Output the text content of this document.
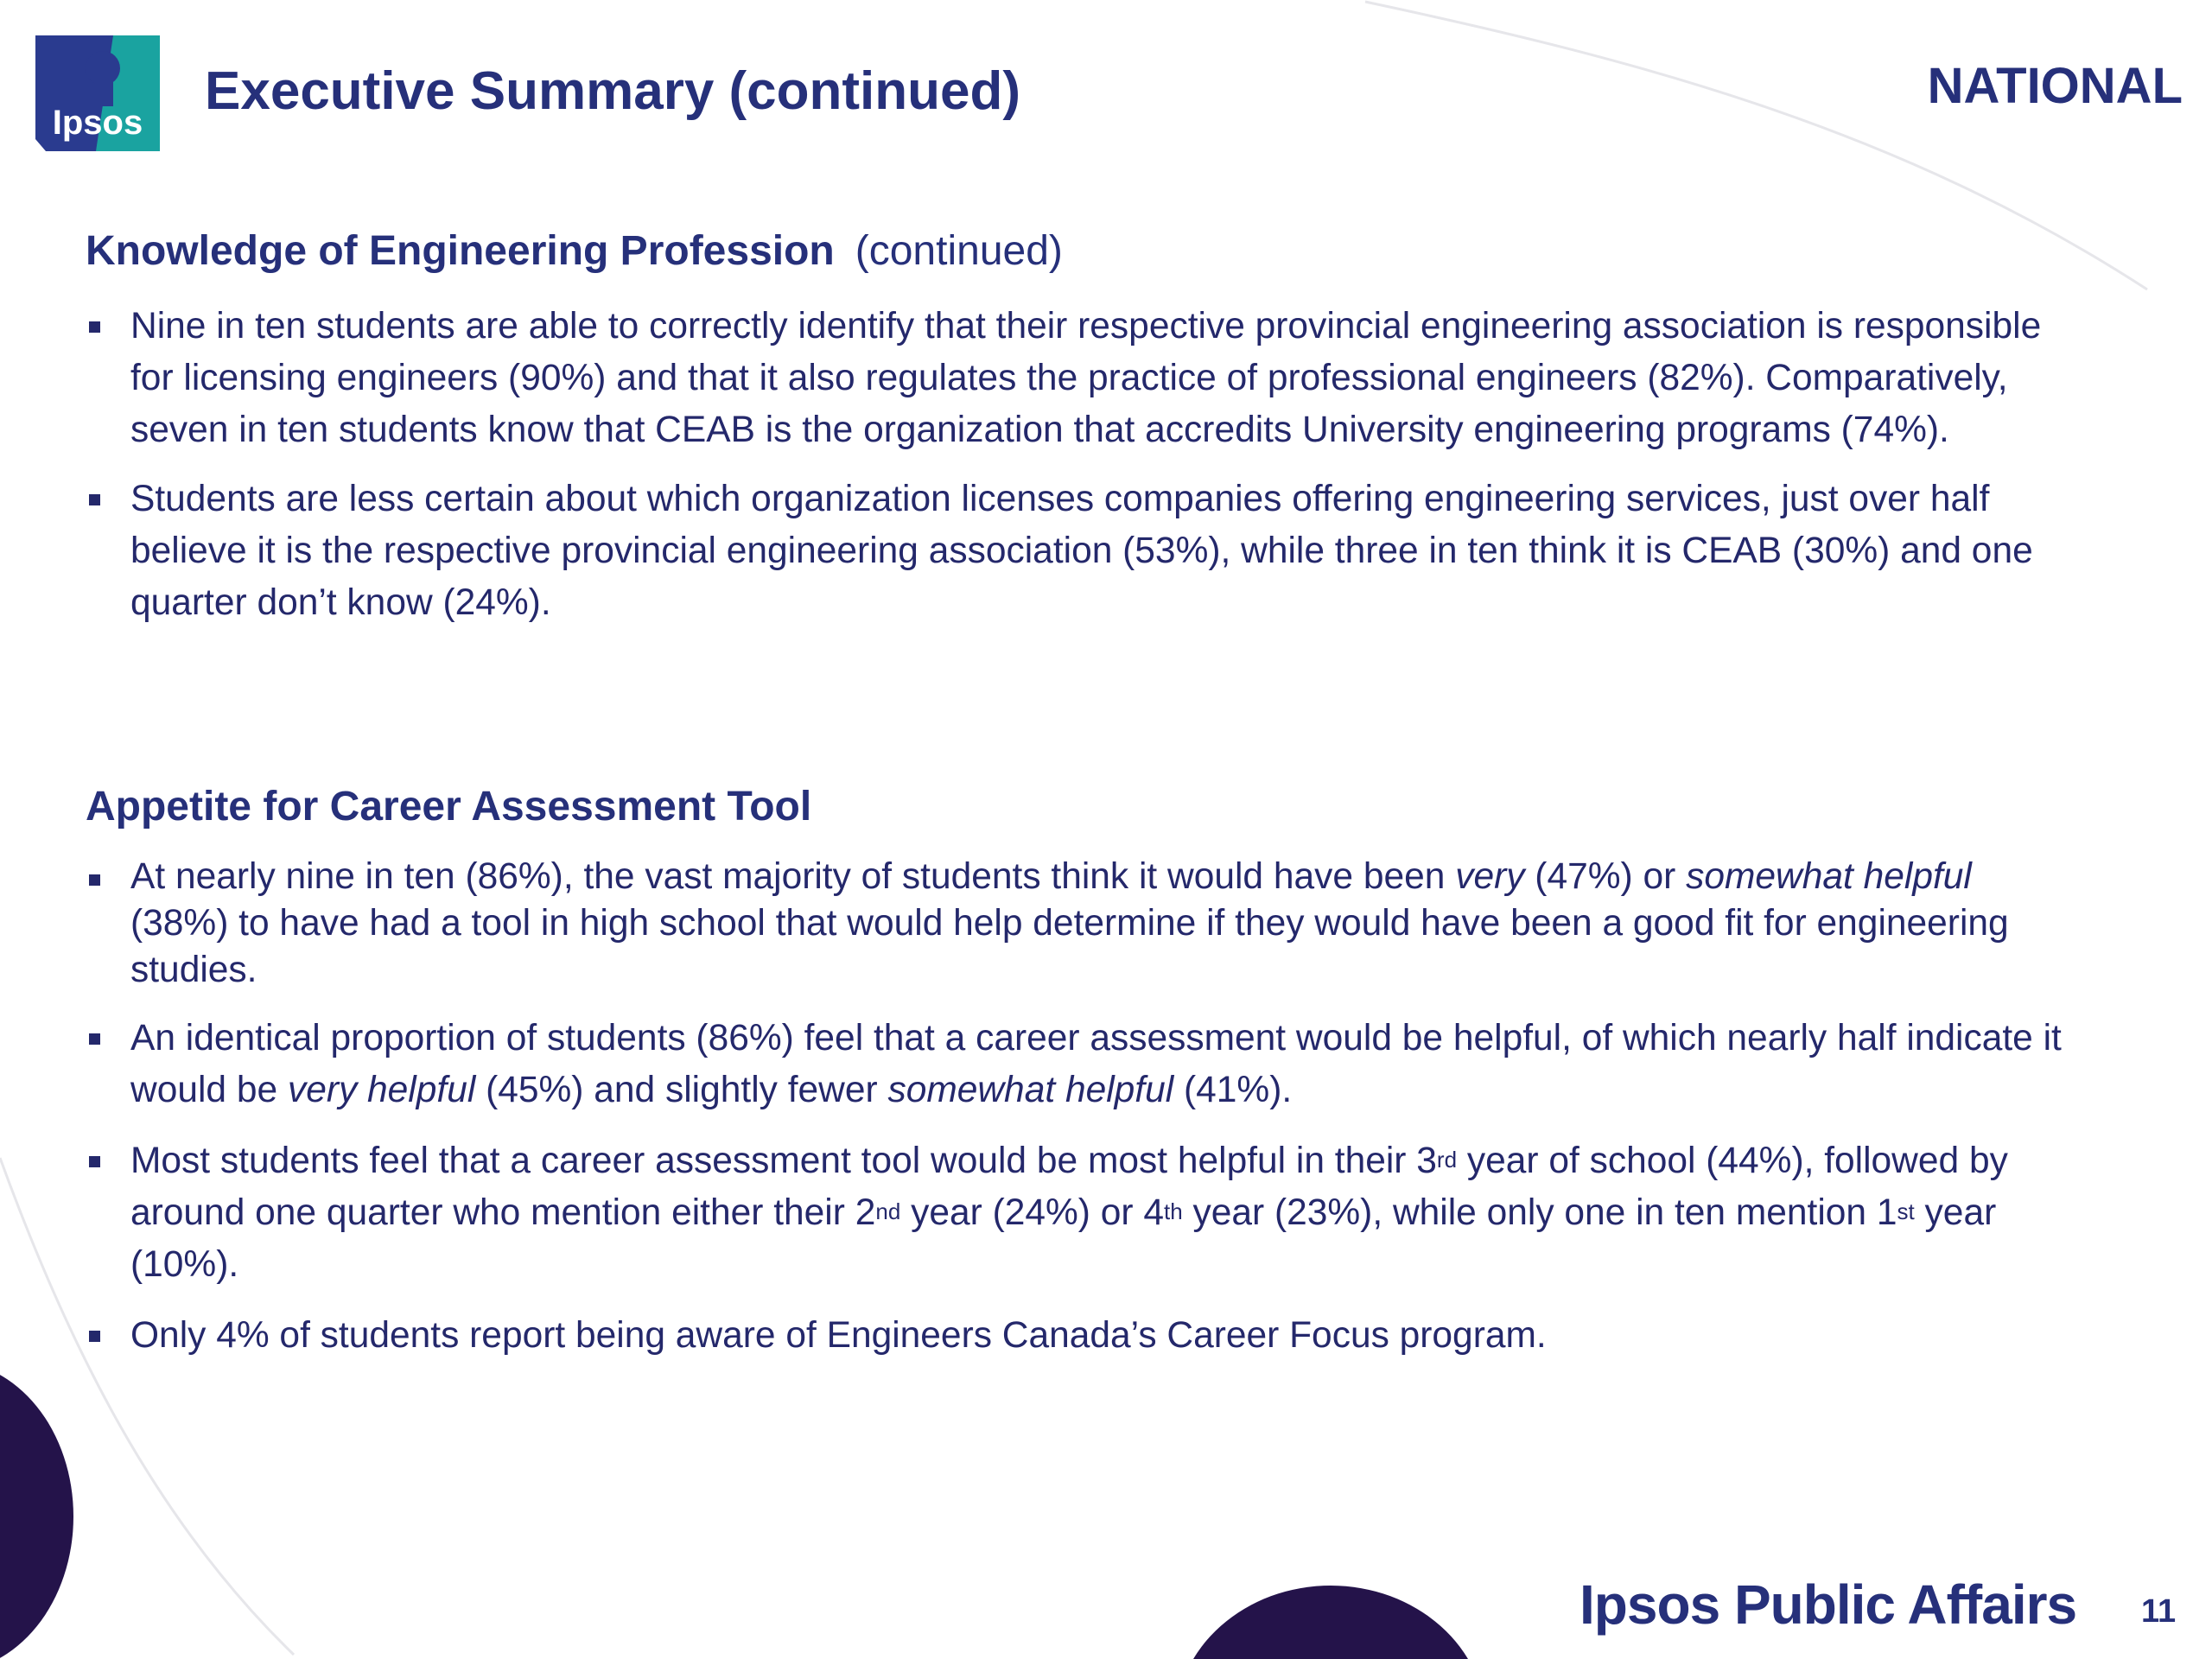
Ipsos
Executive Summary (continued)	NATIONAL
Knowledge of Engineering Profession (continued)
Nine in ten students are able to correctly identify that their respective provincial engineering association is responsible for licensing engineers (90%) and that it also regulates the practice of professional engineers (82%). Comparatively, seven in ten students know that CEAB is the organization that accredits University engineering programs (74%).
Students are less certain about which organization licenses companies offering engineering services, just over half believe it is the respective provincial engineering association (53%), while three in ten think it is CEAB (30%) and one quarter don’t know (24%).
Appetite for Career Assessment Tool
At nearly nine in ten (86%), the vast majority of students think it would have been very (47%) or somewhat helpful (38%) to have had a tool in high school that would help determine if they would have been a good fit for engineering studies.
An identical proportion of students (86%) feel that a career assessment would be helpful, of which nearly half indicate it would be very helpful (45%) and slightly fewer somewhat helpful (41%).
Most students feel that a career assessment tool would be most helpful in their 3rd year of school (44%), followed by around one quarter who mention either their 2nd year (24%) or 4th year (23%), while only one in ten mention 1st year (10%).
Only 4% of students report being aware of Engineers Canada’s Career Focus program.
Ipsos Public Affairs 11
